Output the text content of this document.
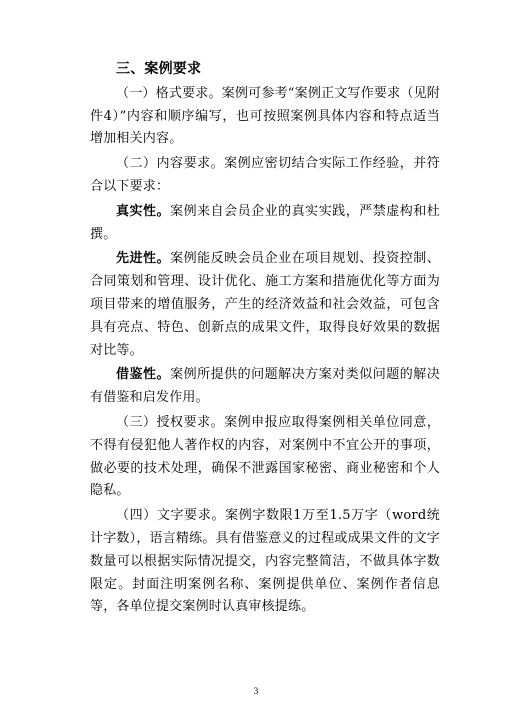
三、案例要求

（一）格式要求。案例可参考“案例正文写作要求（见附件4）”内容和顺序编写，也可按照案例具体内容和特点适当增加相关内容。

（二）内容要求。案例应密切结合实际工作经验，并符合以下要求：

真实性。案例来自会员企业的真实实践，严禁虚构和杜撰。

先进性。案例能反映会员企业在项目规划、投资控制、合同策划和管理、设计优化、施工方案和措施优化等方面为项目带来的增值服务，产生的经济效益和社会效益，可包含具有亮点、特色、创新点的成果文件，取得良好效果的数据对比等。

借鉴性。案例所提供的问题解决方案对类似问题的解决有借鉴和启发作用。

（三）授权要求。案例申报应取得案例相关单位同意，不得有侵犯他人著作权的内容，对案例中不宜公开的事项，做必要的技术处理，确保不泄露国家秘密、商业秘密和个人隐私。

（四）文字要求。案例字数限1万至1.5万字（word统计字数），语言精练。具有借鉴意义的过程或成果文件的文字数量可以根据实际情况提交，内容完整简洁，不做具体字数限定。封面注明案例名称、案例提供单位、案例作者信息等，各单位提交案例时认真审核提练。

3
